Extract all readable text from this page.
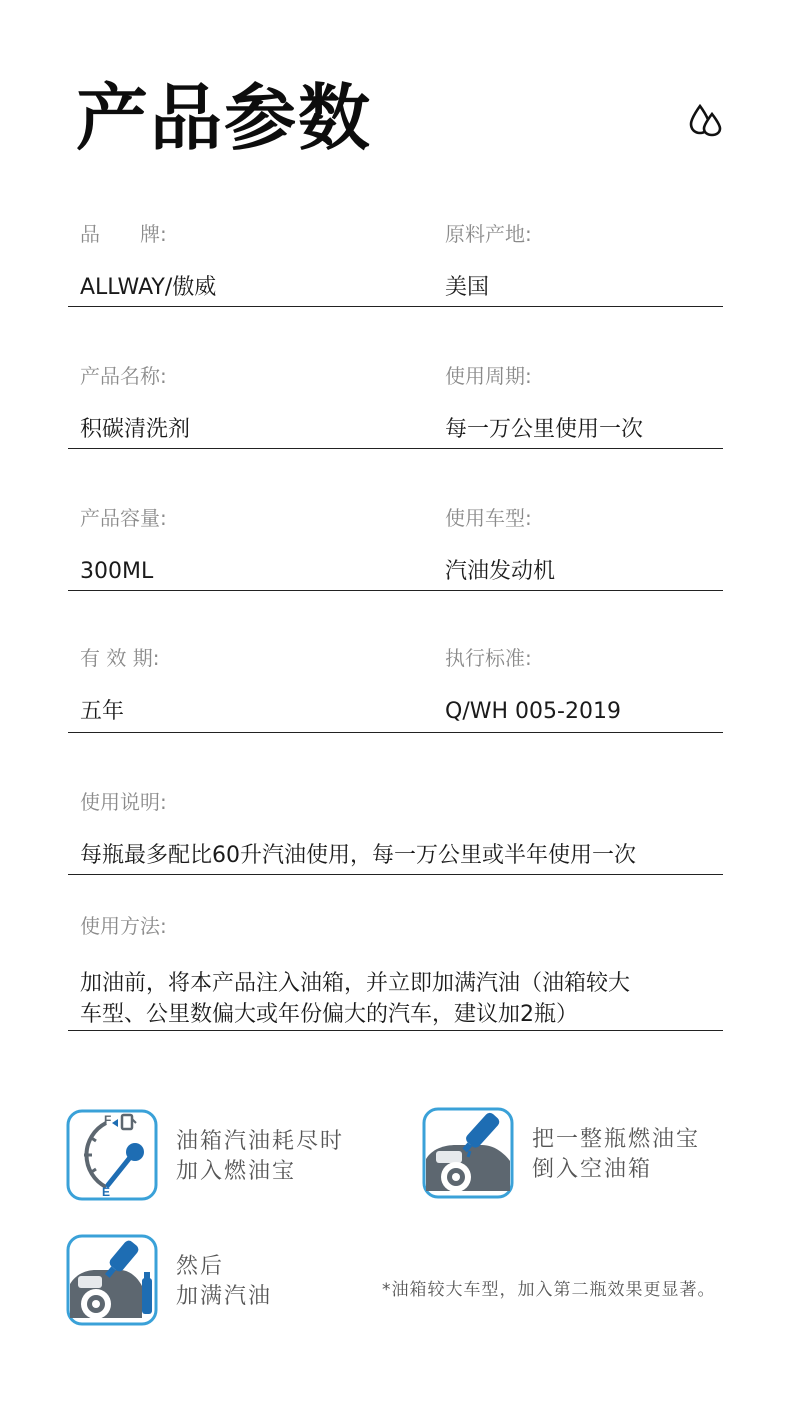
产品参数
品　　牌:
ALLWAY/傲威
原料产地:
美国
产品名称:
积碳清洗剂
使用周期:
每一万公里使用一次
产品容量:
300ML
使用车型:
汽油发动机
有 效 期:
五年
执行标准:
Q/WH 005-2019
使用说明:
每瓶最多配比60升汽油使用，每一万公里或半年使用一次
使用方法:
加油前，将本产品注入油箱，并立即加满汽油（油箱较大
车型、公里数偏大或年份偏大的汽车，建议加2瓶）
F
E
油箱汽油耗尽时
加入燃油宝
把一整瓶燃油宝
倒入空油箱
然后
加满汽油	*油箱较大车型，加入第二瓶效果更显著。
